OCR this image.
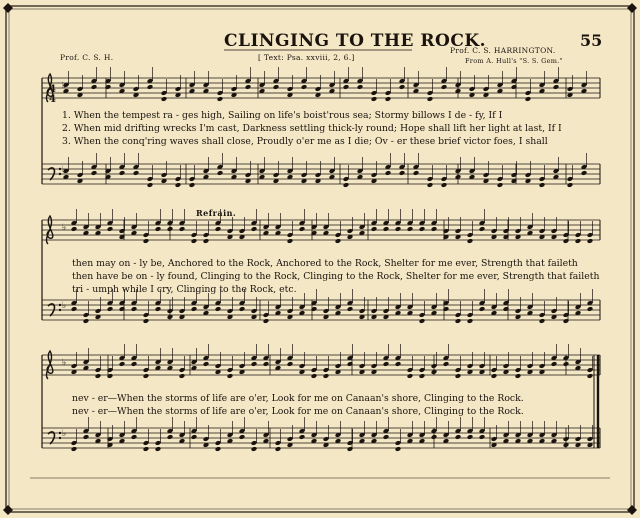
♭
♭
♭
♭
♭
♭
CLINGING TO THE ROCK.	55
[ Text: Psa. xxviii, 2, 6.]
Prof. C. S. H.
Prof. C. S. HARRINGTON.
From A. Hull's "S. S. Gem."
4
4
1. When the tempest ra - ges high, Sailing on life's boist'rous sea; Stormy billows I de - fy, If I
2. When mid drifting wrecks I'm cast, Darkness settling thick-ly round; Hope shall lift her light at last, If I
3. When the conq'ring waves shall close, Proudly o'er me as I die; Ov - er these brief victor foes, I shall
Refrain.
then may on - ly be, Anchored to the Rock, Anchored to the Rock, Shelter for me ever, Strength that faileth
then have be on - ly found, Clinging to the Rock, Clinging to the Rock, Shelter for me ever, Strength that faileth
tri - umph while I cry, Clinging to the Rock, etc.
nev - er—When the storms of life are o'er, Look for me on Canaan's shore, Clinging to the Rock.
nev - er—When the storms of life are o'er, Look for me on Canaan's shore, Clinging to the Rock.
